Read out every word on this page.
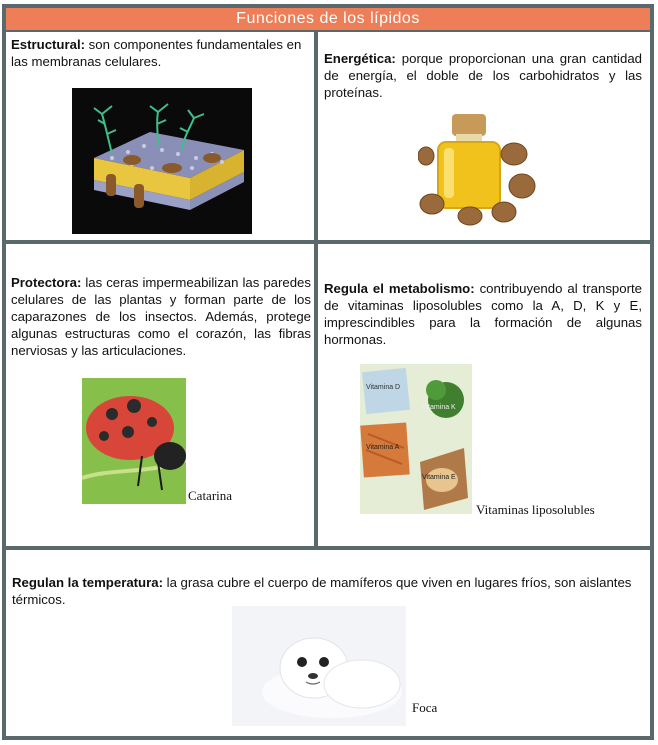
Funciones de los lípidos
Estructural: son componentes fundamentales en las membranas celulares.	Energética: porque proporcionan una gran cantidad de energía, el doble de los carbohidratos y las proteínas.
Protectora: las ceras impermeabilizan las paredes celulares de las plantas y forman parte de los caparazones de los insectos. Además, protege algunas estructuras como el corazón, las fibras nerviosas y las articulaciones.
Catarina
Regula el metabolismo: contribuyendo al transporte de vitaminas liposolubles como la A, D, K y E, imprescindibles para la formación de algunas hormonas.
Vitamina D
Vitamina K
Vitamina A
Vitamina E
Vitaminas liposolubles
Regulan la temperatura: la grasa cubre el cuerpo de mamíferos que viven en lugares fríos, son aislantes térmicos.
Foca
